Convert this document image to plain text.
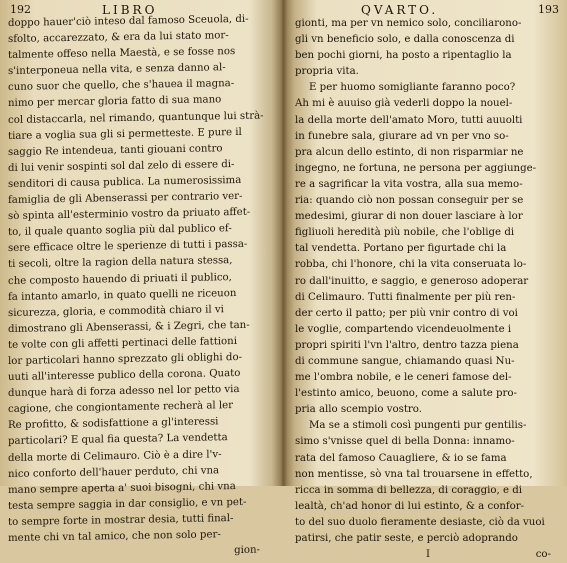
192	LIBRO
doppo hauer'ciò inteso dal famoso Sceuola, di-
sfolto, accarezzato, & era da lui stato mor-
talmente offeso nella Maestà, e se fosse nos
s'interponeua nella vita, e senza danno al-
cuno suor che quello, che s'hauea il magna-
nimo per mercar gloria fatto di sua mano
col distaccarla, nel rimando, quantunque lui strà-
tiare a voglia sua gli si permetteste. E pure il
saggio Re intendeua, tanti giouani contro
di lui venir sospinti sol dal zelo di essere di-
senditori di causa publica. La numerosissima
famiglia de gli Abenserassi per contrario ver-
sò spinta all'esterminio vostro da priuato affet-
to, il quale quanto soglia più dal publico ef-
sere efficace oltre le sperienze di tutti i passa-
ti secoli, oltre la ragion della natura stessa,
che composto hauendo di priuati il publico,
fa intanto amarlo, in quato quelli ne riceuon
sicurezza, gloria, e commodità chiaro il vi
dimostrano gli Abenserassi, & i Zegri, che tan-
te volte con gli affetti pertinaci delle fattioni
lor particolari hanno sprezzato gli oblighi do-
uuti all'interesse publico della corona. Quato
dunque harà di forza adesso nel lor petto via
cagione, che congiontamente recherà al ler
Re profitto, & sodisfattione a gl'interessi
particolari? E qual fia questa? La vendetta
della morte di Celimauro. Ciò è a dire l'v-
nico conforto dell'hauer perduto, chi vna
mano sempre aperta a' suoi bisogni, chi vna
testa sempre saggia in dar consiglio, e vn pet-
to sempre forte in mostrar desia, tutti final-
mente chi vn tal amico, che non solo per-
gion-
QVARTO.	193
gionti, ma per vn nemico solo, conciliarono-
gli vn beneficio solo, e dalla conoscenza di
ben pochi giorni, ha posto a ripentaglio la
propria vita.
E per huomo somigliante faranno poco?
Ah mi è auuiso già vederli doppo la nouel-
la della morte dell'amato Moro, tutti auuolti
in funebre sala, giurare ad vn per vno so-
pra alcun dello estinto, di non risparmiar ne
ingegno, ne fortuna, ne persona per aggiunge-
re a sagrificar la vita vostra, alla sua memo-
ria: quando ciò non possan conseguir per se
medesimi, giurar di non douer lasciare à lor
figliuoli heredità più nobile, che l'oblige di
tal vendetta. Portano per figurtade chi la
robba, chi l'honore, chi la vita conseruata lo-
ro dall'inuitto, e saggio, e generoso adoperar
di Celimauro. Tutti finalmente per più ren-
der certo il patto; per più vnir contro di voi
le voglie, compartendo vicendeuolmente i
propri spiriti l'vn l'altro, dentro tazza piena
di commune sangue, chiamando quasi Nu-
me l'ombra nobile, e le ceneri famose del-
l'estinto amico, beuono, come a salute pro-
pria allo scempio vostro.
Ma se a stimoli così pungenti pur gentilis-
simo s'vnisse quel di bella Donna: innamo-
rata del famoso Cauagliere, & io se fama
non mentisse, sò vna tal trouarsene in effetto,
ricca in somma di bellezza, di coraggio, e di
lealtà, ch'ad honor di lui estinto, & a confor-
to del suo duolo fieramente desiaste, ciò da vuoi
patirsi, che patir seste, e perciò adoprando
I	co-
